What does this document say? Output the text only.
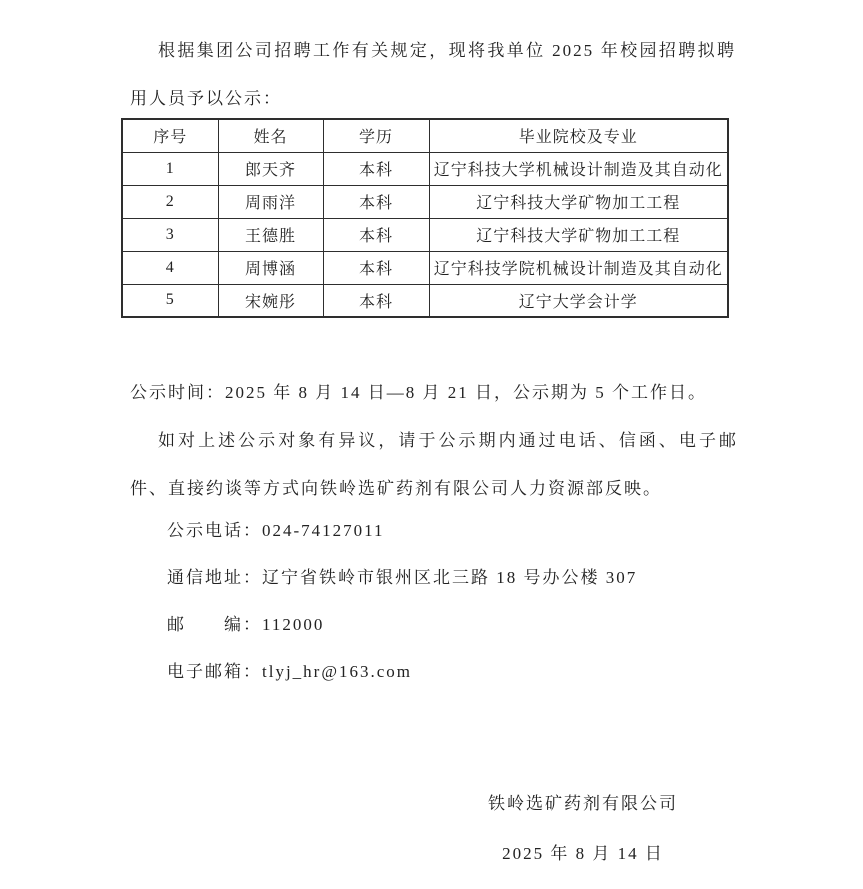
根据集团公司招聘工作有关规定，现将我单位 2025 年校园招聘拟聘用人员予以公示：
序号	姓名	学历	毕业院校及专业
1	郎天齐	本科	辽宁科技大学机械设计制造及其自动化
2	周雨洋	本科	辽宁科技大学矿物加工工程
3	王德胜	本科	辽宁科技大学矿物加工工程
4	周博涵	本科	辽宁科技学院机械设计制造及其自动化
5	宋婉彤	本科	辽宁大学会计学
公示时间：2025 年 8 月 14 日—8 月 21 日，公示期为 5 个工作日。
如对上述公示对象有异议，请于公示期内通过电话、信函、电子邮件、直接约谈等方式向铁岭选矿药剂有限公司人力资源部反映。
公示电话：024-74127011
通信地址：辽宁省铁岭市银州区北三路 18 号办公楼 307
邮　　编：112000
电子邮箱：tlyj_hr@163.com
铁岭选矿药剂有限公司
2025 年 8 月 14 日
